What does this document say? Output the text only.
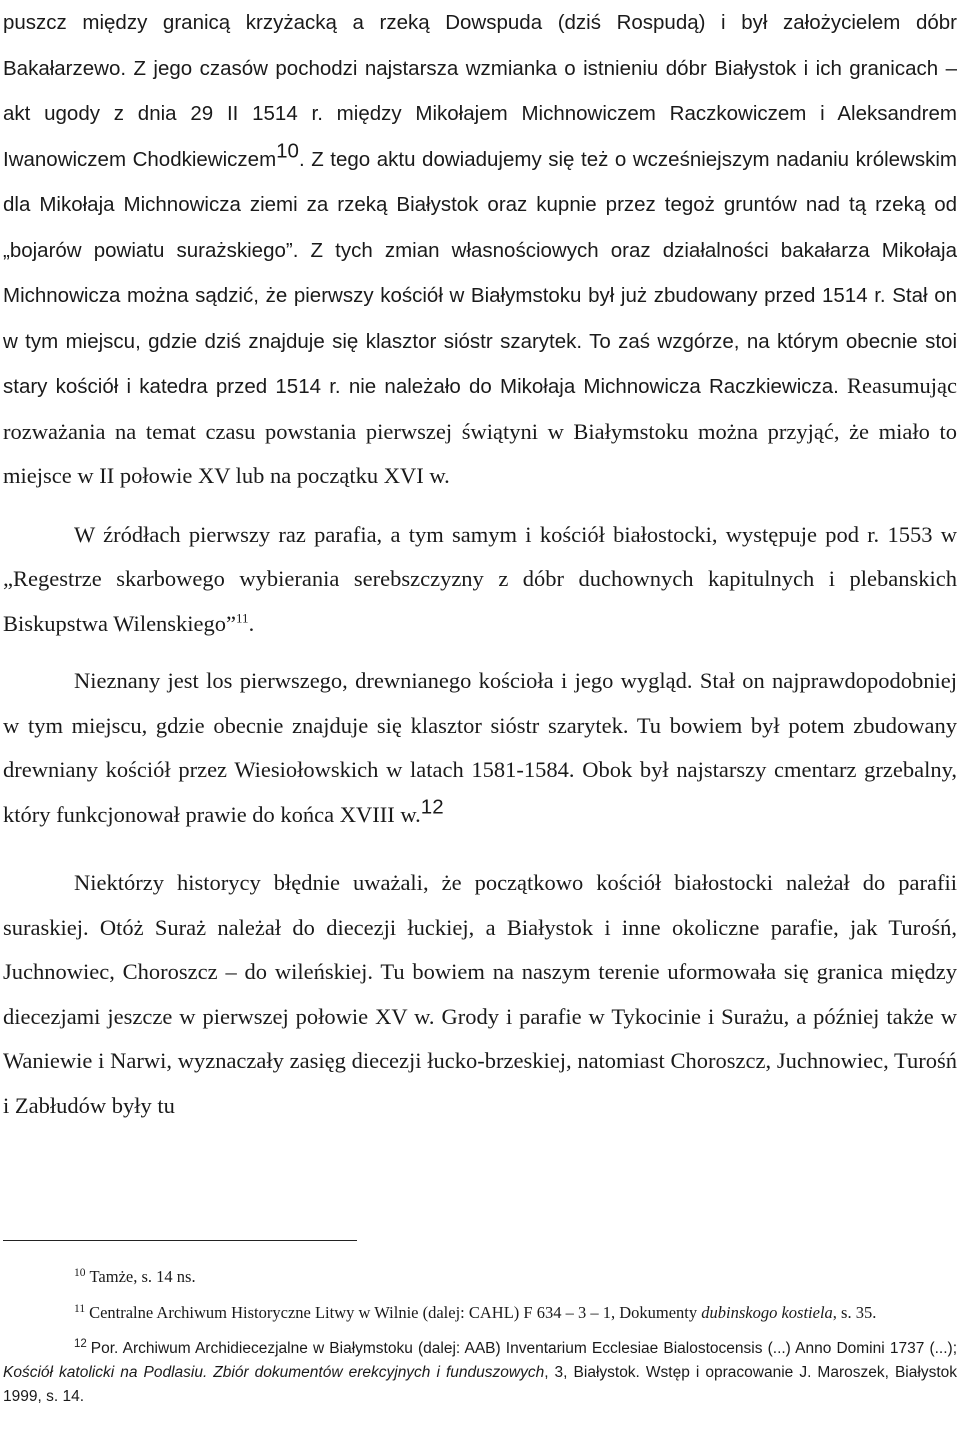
puszcz między granicą krzyżacką a rzeką Dowspuda (dziś Rospudą) i był założycielem dóbr Bakałarzewo. Z jego czasów pochodzi najstarsza wzmianka o istnieniu dóbr Białystok i ich granicach – akt ugody z dnia 29 II 1514 r. między Mikołajem Michnowiczem Raczkowiczem i Aleksandrem Iwanowiczem Chodkiewiczem$^{10}$. Z tego aktu dowiadujemy się też o wcześniejszym nadaniu królewskim dla Mikołaja Michnowicza ziemi za rzeką Białystok oraz kupnie przez tegoż gruntów nad tą rzeką od „bojarów powiatu surażskiego”. Z tych zmian własnościowych oraz działalności bakałarza Mikołaja Michnowicza można sądzić, że pierwszy kościół w Białymstoku był już zbudowany przed 1514 r. Stał on w tym miejscu, gdzie dziś znajduje się klasztor sióstr szarytek. To zaś wzgórze, na którym obecnie stoi stary kościół i katedra przed 1514 r. nie należało do Mikołaja Michnowicza Raczkiewicza. Reasumując rozważania na temat czasu powstania pierwszej świątyni w Białymstoku można przyjąć, że miało to miejsce w II połowie XV lub na początku XVI w.

W źródłach pierwszy raz parafia, a tym samym i kościół białostocki, występuje pod r. 1553 w „Regestrze skarbowego wybierania serebszczyzny z dóbr duchownych kapitulnych i plebanskich Biskupstwa Wilenskiego”$^{11}$.

Nieznany jest los pierwszego, drewnianego kościoła i jego wygląd. Stał on najprawdopodobniej w tym miejscu, gdzie obecnie znajduje się klasztor sióstr szarytek. Tu bowiem był potem zbudowany drewniany kościół przez Wiesiołowskich w latach 1581-1584. Obok był najstarszy cmentarz grzebalny, który funkcjonował prawie do końca XVIII w.$^{12}$

Niektórzy historycy błędnie uważali, że początkowo kościół białostocki należał do parafii suraskiej. Otóż Suraż należał do diecezji łuckiej, a Białystok i inne okoliczne parafie, jak Turośń, Juchnowiec, Choroszcz – do wileńskiej. Tu bowiem na naszym terenie uformowała się granica między diecezjami jeszcze w pierwszej połowie XV w. Grody i parafie w Tykocinie i Surażu, a później także w Waniewie i Narwi, wyznaczały zasięg diecezji łucko-brzeskiej, natomiast Choroszcz, Juchnowiec, Turośń i Zabłudów były tu

$^{10}$ Tamże, s. 14 ns.

$^{11}$ Centralne Archiwum Historyczne Litwy w Wilnie (dalej: CAHL) F 634 – 3 – 1, Dokumenty dubinskogo kostiela, s. 35.

$^{12}$ Por. Archiwum Archidiecezjalne w Białymstoku (dalej: AAB) Inventarium Ecclesiae Bialostocensis (...) Anno Domini 1737 (...); Kościół katolicki na Podlasiu. Zbiór dokumentów erekcyjnych i funduszowych, 3, Białystok. Wstęp i opracowanie J. Maroszek, Białystok 1999, s. 14.
